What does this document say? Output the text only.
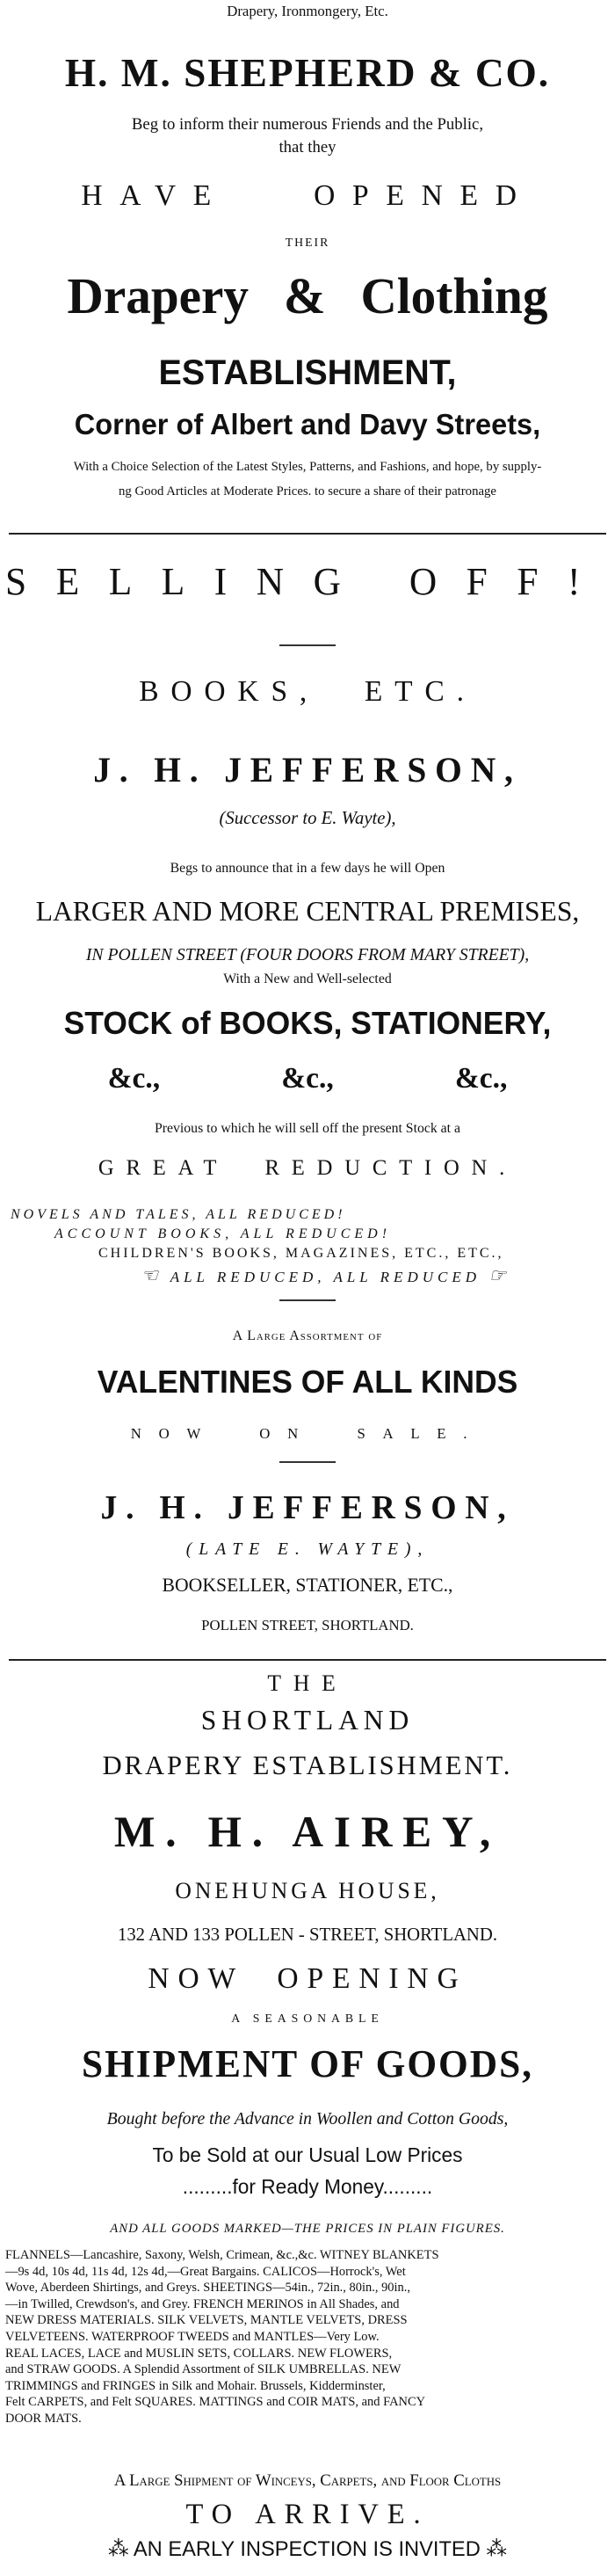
Drapery, Ironmongery, Etc.
H. M. SHEPHERD & CO.
Beg to inform their numerous Friends and the Public,
that they
HAVE OPENED
THEIR
Drapery & Clothing
ESTABLISHMENT,
Corner of Albert and Davy Streets,
With a Choice Selection of the Latest Styles, Patterns, and Fashions, and hope, by supply-
ng Good Articles at Moderate Prices. to secure a share of their patronage
SELLING OFF!
BOOKS, ETC.
J. H. JEFFERSON,
(Successor to E. Wayte),
Begs to announce that in a few days he will Open
LARGER AND MORE CENTRAL PREMISES,
IN POLLEN STREET (FOUR DOORS FROM MARY STREET),
With a New and Well-selected
STOCK of BOOKS, STATIONERY,
&c.,	&c.,	&c.,
Previous to which he will sell off the present Stock at a
GREAT REDUCTION.
NOVELS AND TALES, ALL REDUCED!
ACCOUNT BOOKS, ALL REDUCED!
CHILDREN'S BOOKS, MAGAZINES, ETC., ETC.,
☜ ALL REDUCED, ALL REDUCED ☞
A Large Assortment of
VALENTINES OF ALL KINDS
NOW ON SALE.
J. H. JEFFERSON,
(LATE E. WAYTE),
BOOKSELLER, STATIONER, ETC.,
POLLEN STREET, SHORTLAND.
THE
SHORTLAND
DRAPERY ESTABLISHMENT.
M. H. AIREY,
ONEHUNGA HOUSE,
132 AND 133 POLLEN - STREET, SHORTLAND.
NOW OPENING
A SEASONABLE
SHIPMENT OF GOODS,
Bought before the Advance in Woollen and Cotton Goods,
To be Sold at our Usual Low Prices
.........for Ready Money.........
AND ALL GOODS MARKED—THE PRICES IN PLAIN FIGURES.
FLANNELS—Lancashire, Saxony, Welsh, Crimean, &c.,&c. WITNEY BLANKETS
—9s 4d, 10s 4d, 11s 4d, 12s 4d,—Great Bargains. CALICOS—Horrock's, Wet
Wove, Aberdeen Shirtings, and Greys. SHEETINGS—54in., 72in., 80in., 90in.,
—in Twilled, Crewdson's, and Grey. FRENCH MERINOS in All Shades, and
NEW DRESS MATERIALS. SILK VELVETS, MANTLE VELVETS, DRESS
VELVETEENS. WATERPROOF TWEEDS and MANTLES—Very Low.
REAL LACES, LACE and MUSLIN SETS, COLLARS. NEW FLOWERS,
and STRAW GOODS. A Splendid Assortment of SILK UMBRELLAS. NEW
TRIMMINGS and FRINGES in Silk and Mohair. Brussels, Kidderminster,
Felt CARPETS, and Felt SQUARES. MATTINGS and COIR MATS, and FANCY
DOOR MATS.
A Large Shipment of Winceys, Carpets, and Floor Cloths
TO ARRIVE.
⁂ AN EARLY INSPECTION IS INVITED ⁂
